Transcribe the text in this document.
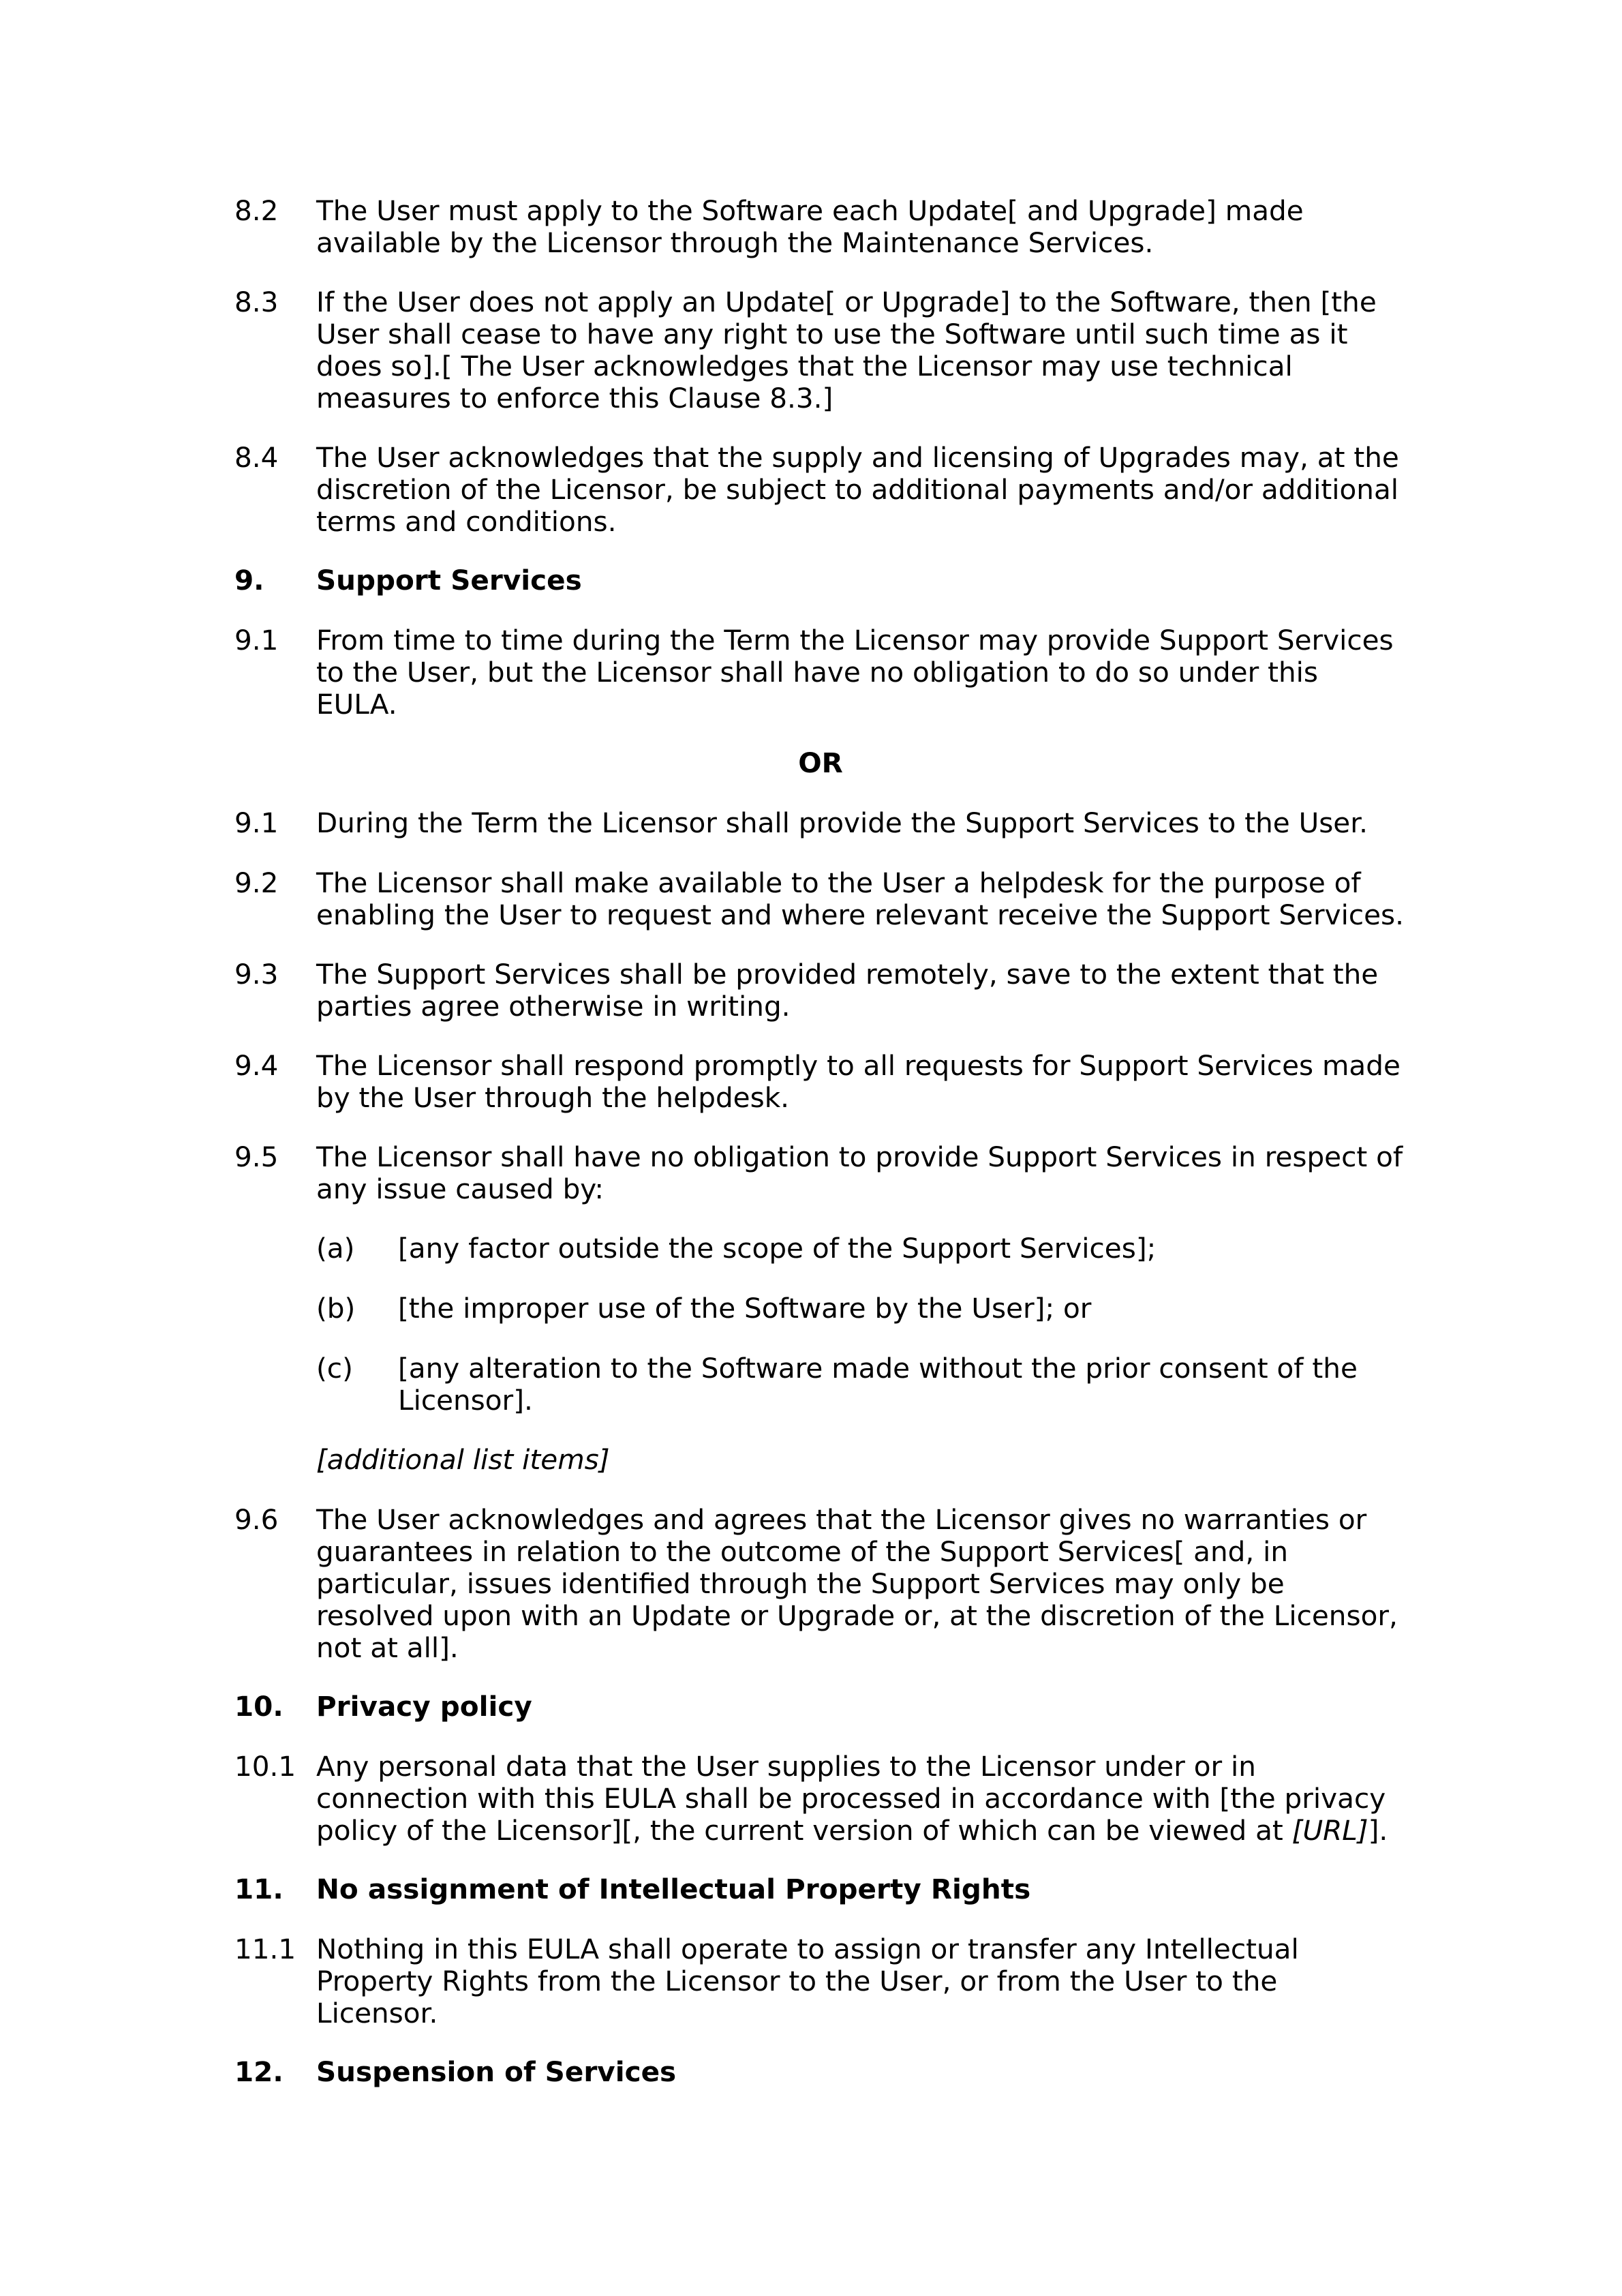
8.2 The User must apply to the Software each Update[ and Upgrade] made
available by the Licensor through the Maintenance Services.
8.3 If the User does not apply an Update[ or Upgrade] to the Software, then [the
User shall cease to have any right to use the Software until such time as it
does so].[ The User acknowledges that the Licensor may use technical
measures to enforce this Clause 8.3.]
8.4 The User acknowledges that the supply and licensing of Upgrades may, at the
discretion of the Licensor, be subject to additional payments and/or additional
terms and conditions.
9. Support Services
9.1 From time to time during the Term the Licensor may provide Support Services
to the User, but the Licensor shall have no obligation to do so under this
EULA.
OR
9.1 During the Term the Licensor shall provide the Support Services to the User.
9.2 The Licensor shall make available to the User a helpdesk for the purpose of
enabling the User to request and where relevant receive the Support Services.
9.3 The Support Services shall be provided remotely, save to the extent that the
parties agree otherwise in writing.
9.4 The Licensor shall respond promptly to all requests for Support Services made
by the User through the helpdesk.
9.5 The Licensor shall have no obligation to provide Support Services in respect of
any issue caused by:
(a) [any factor outside the scope of the Support Services];
(b) [the improper use of the Software by the User]; or
(c) [any alteration to the Software made without the prior consent of the
Licensor].
[additional list items]
9.6 The User acknowledges and agrees that the Licensor gives no warranties or
guarantees in relation to the outcome of the Support Services[ and, in
particular, issues identified through the Support Services may only be
resolved upon with an Update or Upgrade or, at the discretion of the Licensor,
not at all].
10. Privacy policy
10.1 Any personal data that the User supplies to the Licensor under or in
connection with this EULA shall be processed in accordance with [the privacy
policy of the Licensor][, the current version of which can be viewed at [URL]].
11. No assignment of Intellectual Property Rights
11.1 Nothing in this EULA shall operate to assign or transfer any Intellectual
Property Rights from the Licensor to the User, or from the User to the
Licensor.
12. Suspension of Services
